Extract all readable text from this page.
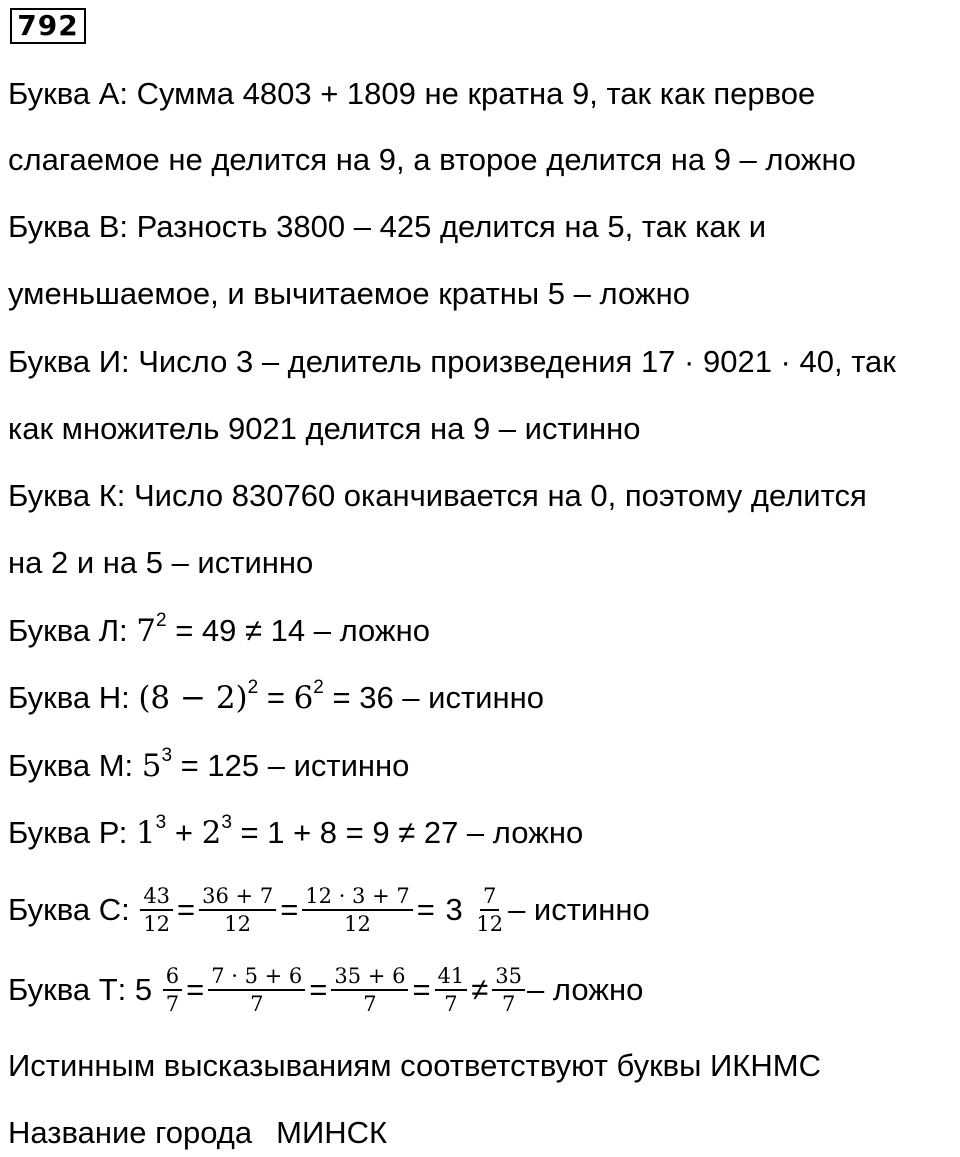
792
Буква А: Сумма 4803 + 1809 не кратна 9, так как первое
слагаемое не делится на 9, а второе делится на 9 – ложно
Буква В: Разность 3800 – 425 делится на 5, так как и
уменьшаемое, и вычитаемое кратны 5 – ложно
Буква И: Число 3 – делитель произведения 17 · 9021 · 40, так
как множитель 9021 делится на 9 – истинно
Буква К: Число 830760 оканчивается на 0, поэтому делится
на 2 и на 5 – истинно
Буква Л: $7^2 = 49 \ne 14$ – ложно
Буква Н: $(8 - 2)^2 = 6^2 = 36$ – истинно
Буква М: $5^3 = 125$ – истинно
Буква Р: $1^3 + 2^3 = 1 + 8 = 9 \ne 27$ – ложно
Буква С: $\frac{43}{12} = \frac{36 + 7}{12} = \frac{12 \cdot 3 + 7}{12} = 3 \frac{7}{12}$ – истинно
Буква Т: $5 \frac{6}{7} = \frac{7 \cdot 5 + 6}{7} = \frac{35 + 6}{7} = \frac{41}{7} \ne \frac{35}{7}$ – ложно
Истинным высказываниям соответствуют буквы ИКНМС
Название города МИНСК
